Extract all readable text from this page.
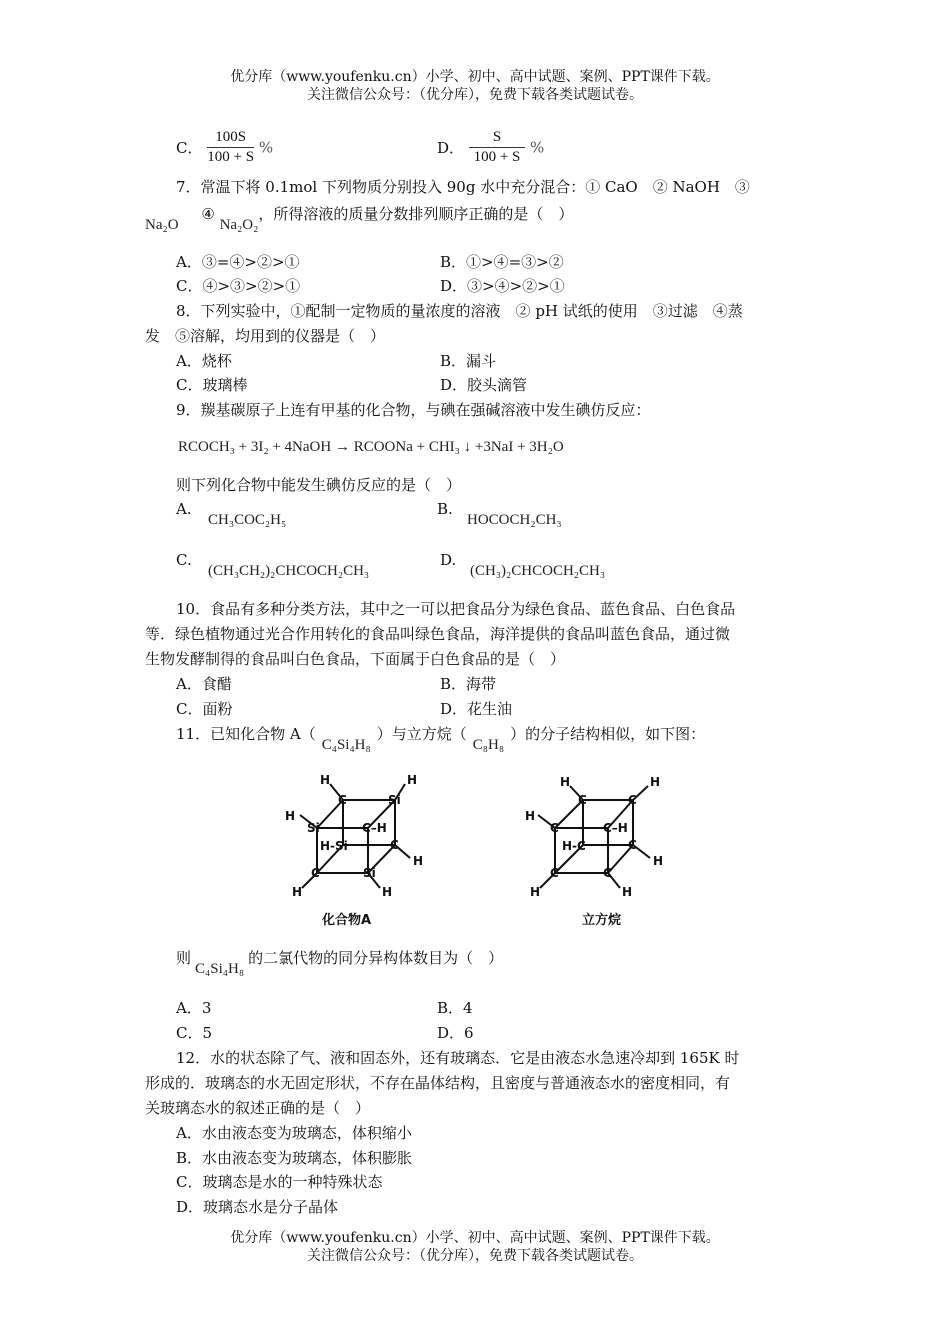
优分库（www.youfenku.cn）小学、初中、高中试题、案例、PPT课件下载。
关注微信公众号：（优分库），免费下载各类试题试卷。
C． $\frac{100S}{100 + S}$ %	D． $\frac{S}{100 + S}$ %
7．常温下将 0.1mol 下列物质分别投入 90g 水中充分混合：① CaO　② NaOH　③
Na₂O ④ Na₂O₂，所得溶液的质量分数排列顺序正确的是（　）
A．③=④>②>①	B．①>④=③>②
C．④>③>②>①	D．③>④>②>①
8．下列实验中，①配制一定物质的量浓度的溶液　② pH 试纸的使用　③过滤　④蒸
发　⑤溶解，均用到的仪器是（　）
A．烧杯	B．漏斗
C．玻璃棒	D．胶头滴管
9．羰基碳原子上连有甲基的化合物，与碘在强碱溶液中发生碘仿反应：
RCOCH₃ + 3I₂ + 4NaOH → RCOONa + CHI₃ ↓ +3NaI + 3H₂O
则下列化合物中能发生碘仿反应的是（　）
A.
CH₃COC₂H₅
B.
HOCOCH₂CH₃
C.
(CH₃CH₂)₂CHCOCH₂CH₃
D.
(CH₃)₂CHCOCH₂CH₃
10．食品有多种分类方法，其中之一可以把食品分为绿色食品、蓝色食品、白色食品
等．绿色植物通过光合作用转化的食品叫绿色食品，海洋提供的食品叫蓝色食品，通过微
生物发酵制得的食品叫白色食品，下面属于白色食品的是（　）
A．食醋	B．海带
C．面粉	D．花生油
11．已知化合物 A（C₄Si₄H₈）与立方烷（C₈H₈）的分子结构相似，如下图：
H	H
C	Si
H
Si	C–H
H-Si	C
H
C	Si
H	H
化合物A
H	H
C	C
H
C	C–H
H-C	C
H
C	C
H	H
立方烷
则C₄Si₄H₈的二氯代物的同分异构体数目为（　）
A．3	B．4
C．5	D．6
12．水的状态除了气、液和固态外，还有玻璃态．它是由液态水急速冷却到 165K 时
形成的．玻璃态的水无固定形状，不存在晶体结构，且密度与普通液态水的密度相同，有
关玻璃态水的叙述正确的是（　）
A．水由液态变为玻璃态，体积缩小
B．水由液态变为玻璃态，体积膨胀
C．玻璃态是水的一种特殊状态
D．玻璃态水是分子晶体
优分库（www.youfenku.cn）小学、初中、高中试题、案例、PPT课件下载。
关注微信公众号：（优分库），免费下载各类试题试卷。
